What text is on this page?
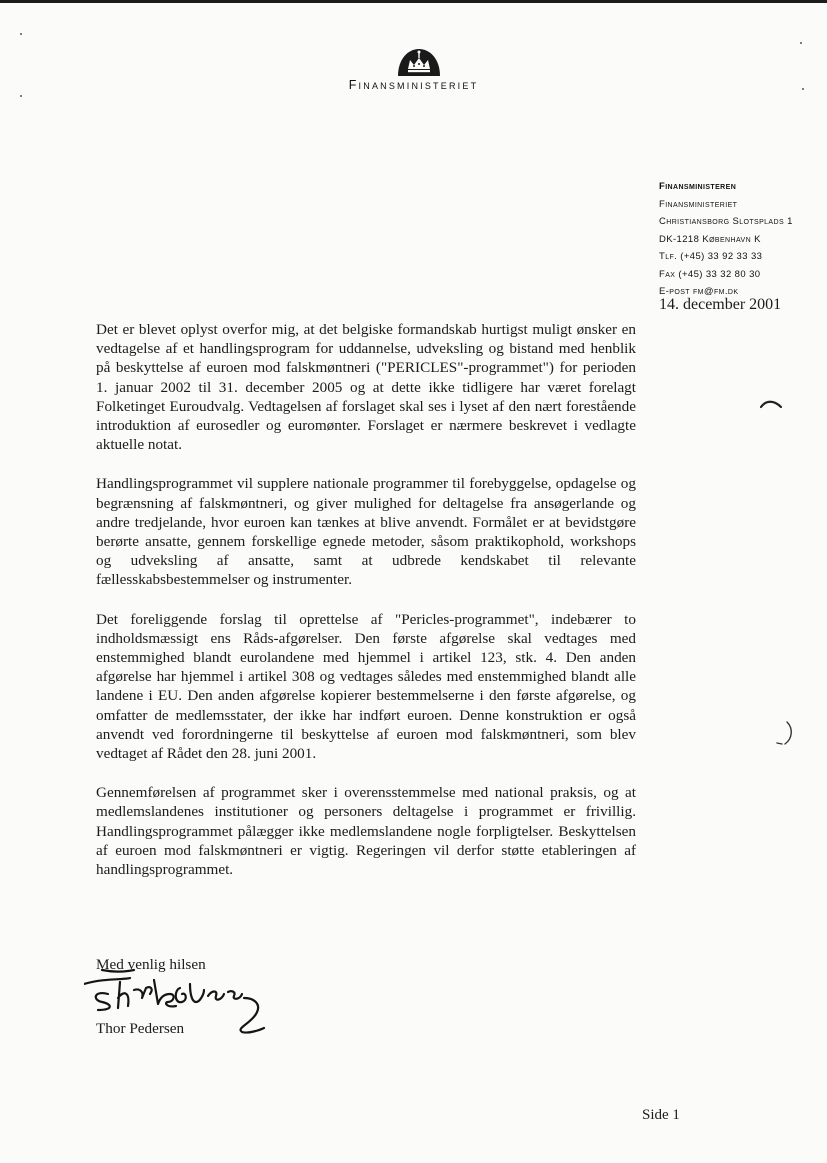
Finansministeriet
Finansministeren
Finansministeriet
Christiansborg Slotsplads 1
DK-1218 København K
Tlf. (+45) 33 92 33 33
Fax (+45) 33 32 80 30
E-post fm@fm.dk
14. december 2001

Det er blevet oplyst overfor mig, at det belgiske formandskab hurtigst muligt ønsker en vedtagelse af et handlingsprogram for uddannelse, udveksling og bistand med henblik på beskyttelse af euroen mod falskmøntneri ("PERICLES"-programmet") for perioden 1. januar 2002 til 31. december 2005 og at dette ikke tidligere har været forelagt Folketinget Euroudvalg. Vedtagelsen af forslaget skal ses i lyset af den nært forestående introduktion af eurosedler og euromønter. Forslaget er nærmere beskrevet i vedlagte aktuelle notat.

Handlingsprogrammet vil supplere nationale programmer til forebyggelse, opdagelse og begrænsning af falskmøntneri, og giver mulighed for deltagelse fra ansøgerlande og andre tredjelande, hvor euroen kan tænkes at blive anvendt. Formålet er at bevidstgøre berørte ansatte, gennem forskellige egnede metoder, såsom praktikophold, workshops og udveksling af ansatte, samt at udbrede kendskabet til relevante fællesskabsbestemmelser og instrumenter.

Det foreliggende forslag til oprettelse af "Pericles-programmet", indebærer to indholdsmæssigt ens Råds-afgørelser. Den første afgørelse skal vedtages med enstemmighed blandt eurolandene med hjemmel i artikel 123, stk. 4. Den anden afgørelse har hjemmel i artikel 308 og vedtages således med enstemmighed blandt alle landene i EU. Den anden afgørelse kopierer bestemmelserne i den første afgørelse, og omfatter de medlemsstater, der ikke har indført euroen. Denne konstruktion er også anvendt ved forordningerne til beskyttelse af euroen mod falskmøntneri, som blev vedtaget af Rådet den 28. juni 2001.

Gennemførelsen af programmet sker i overensstemmelse med national praksis, og at medlemslandenes institutioner og personers deltagelse i programmet er frivillig. Handlingsprogrammet pålægger ikke medlemslandene nogle forpligtelser. Beskyttelsen af euroen mod falskmøntneri er vigtig. Regeringen vil derfor støtte etableringen af handlingsprogrammet.

Med venlig hilsen
Thor Pedersen
Side 1
